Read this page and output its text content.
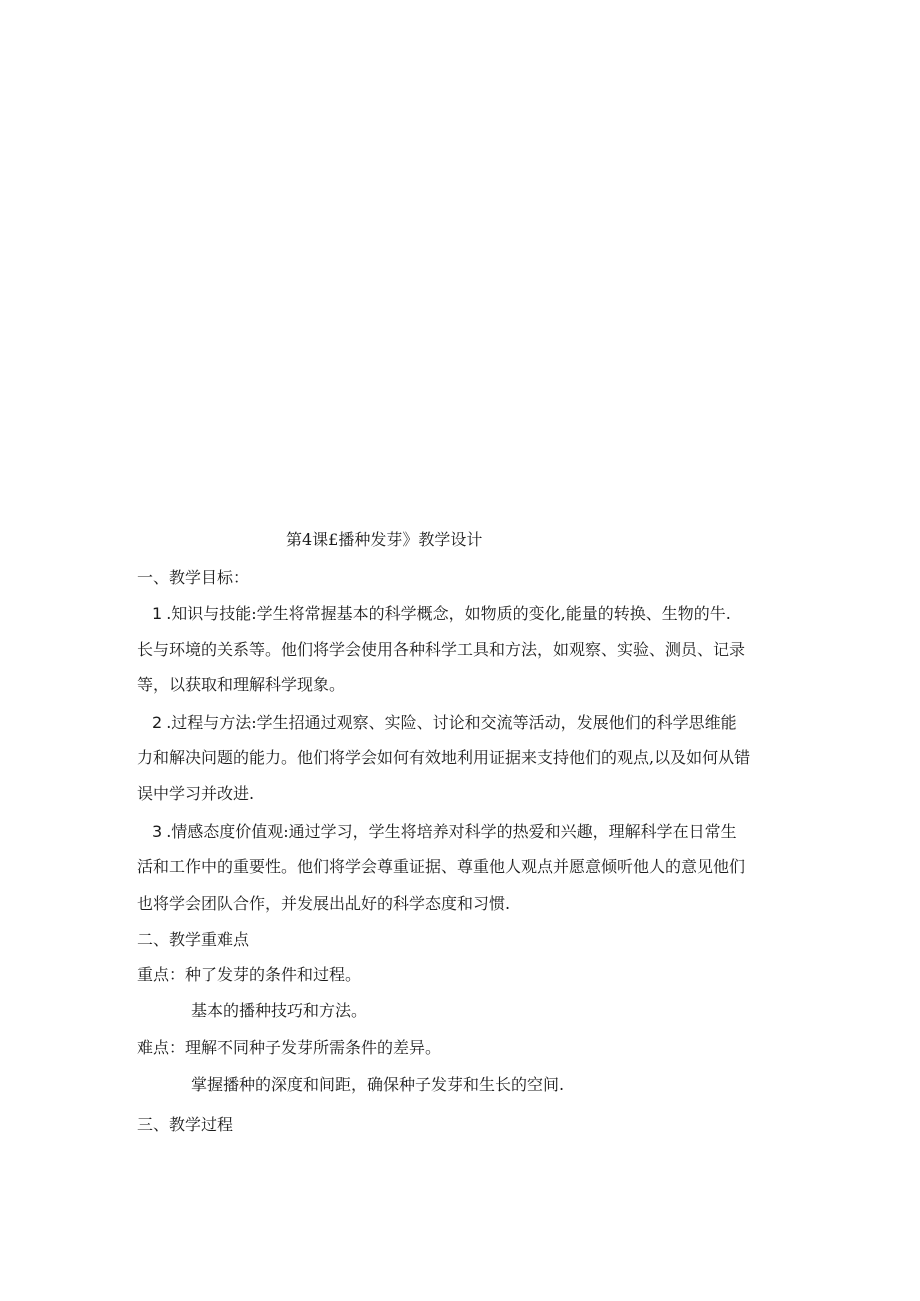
第4课£播种发芽》教学设计
一、教学目标：
1 .知识与技能:学生将常握基本的科学概念，如物质的变化,能量的转换、生物的牛.
长与环境的关系等。他们将学会使用各种科学工具和方法，如观察、实验、测员、记录
等，以获取和理解科学现象。
2 .过程与方法:学生招通过观察、实险、讨论和交流等活动，发展他们的科学思维能
力和解决问题的能力。他们将学会如何有效地利用证据来支持他们的观点,以及如何从错
误中学习并改进.
3 .情感态度价值观:通过学习，学生将培养对科学的热爱和兴趣，理解科学在日常生
活和工作中的重要性。他们将学会尊重证据、尊重他人观点并愿意倾听他人的意见他们
也将学会团队合作，并发展出乩好的科学态度和习惯.
二、教学重难点
重点：种了发芽的条件和过程。
基本的播种技巧和方法。
难点：理解不同种子发芽所需条件的差异。
掌握播种的深度和间距，确保种子发芽和生长的空间.
三、教学过程
